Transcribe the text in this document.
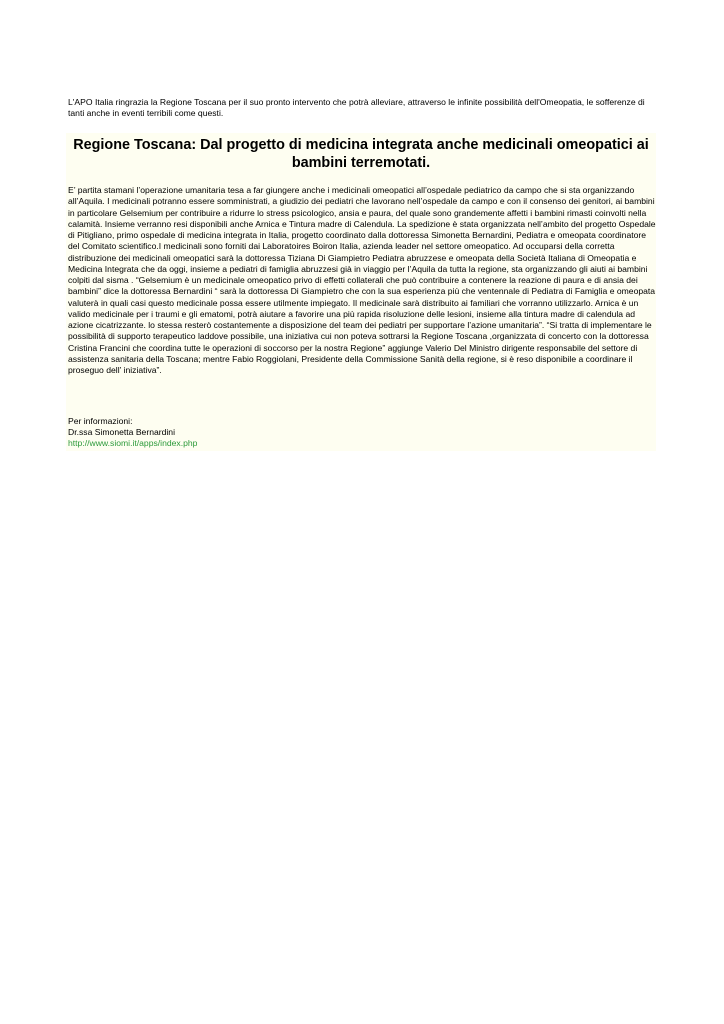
L'APO Italia ringrazia la Regione Toscana per il suo pronto intervento che potrà alleviare, attraverso le infinite possibilità dell'Omeopatia, le sofferenze di tanti anche in eventi terribili come questi.
Regione Toscana: Dal progetto di medicina integrata anche medicinali omeopatici ai bambini terremotati.
E’ partita stamani l’operazione umanitaria tesa a far giungere anche i medicinali omeopatici all’ospedale pediatrico da campo che si sta organizzando all’Aquila. I medicinali potranno essere somministrati, a giudizio dei pediatri che lavorano nell’ospedale da campo e con il consenso dei genitori, ai bambini in particolare Gelsemium per contribuire a ridurre lo stress psicologico, ansia e paura, del quale sono grandemente affetti i bambini rimasti coinvolti nella calamità. Insieme verranno resi disponibili anche Arnica e Tintura madre di Calendula. La spedizione è stata organizzata nell’ambito del progetto Ospedale di Pitigliano, primo ospedale di medicina integrata in Italia, progetto coordinato dalla dottoressa Simonetta Bernardini, Pediatra e omeopata coordinatore del Comitato scientifico.I medicinali sono forniti dai Laboratoires Boiron Italia, azienda leader nel settore omeopatico. Ad occuparsi della corretta distribuzione dei medicinali omeopatici sarà la dottoressa Tiziana Di Giampietro Pediatra abruzzese e omeopata della Società Italiana di Omeopatia e Medicina Integrata che da oggi, insieme a pediatri di famiglia abruzzesi già in viaggio per l’Aquila da tutta la regione, sta organizzando gli aiuti ai bambini colpiti dal sisma . “Gelsemium è un medicinale omeopatico privo di effetti collaterali che può contribuire a contenere la reazione di paura e di ansia dei bambini” dice la dottoressa Bernardini “ sarà la dottoressa Di Giampietro che con la sua esperienza più che ventennale di Pediatra di Famiglia e omeopata valuterà in quali casi questo medicinale possa essere utilmente impiegato. Il medicinale sarà distribuito ai familiari che vorranno utilizzarlo. Arnica è un valido medicinale per i traumi e gli ematomi, potrà aiutare a favorire una più rapida risoluzione delle lesioni, insieme alla tintura madre di calendula ad azione cicatrizzante. lo stessa resterò costantemente a disposizione del team dei pediatri per supportare l’azione umanitaria”. “Si tratta di implementare le possibilità di supporto terapeutico laddove possibile, una iniziativa cui non poteva sottrarsi la Regione Toscana ,organizzata di concerto con la dottoressa Cristina Francini che coordina tutte le operazioni di soccorso per la nostra Regione” aggiunge Valerio Del Ministro dirigente responsabile del settore di assistenza sanitaria della Toscana; mentre Fabio Roggiolani, Presidente della Commissione Sanità della regione, si è reso disponibile a coordinare il proseguo dell’ iniziativa”.
Per informazioni:
Dr.ssa Simonetta Bernardini
http://www.siomi.it/apps/index.php
